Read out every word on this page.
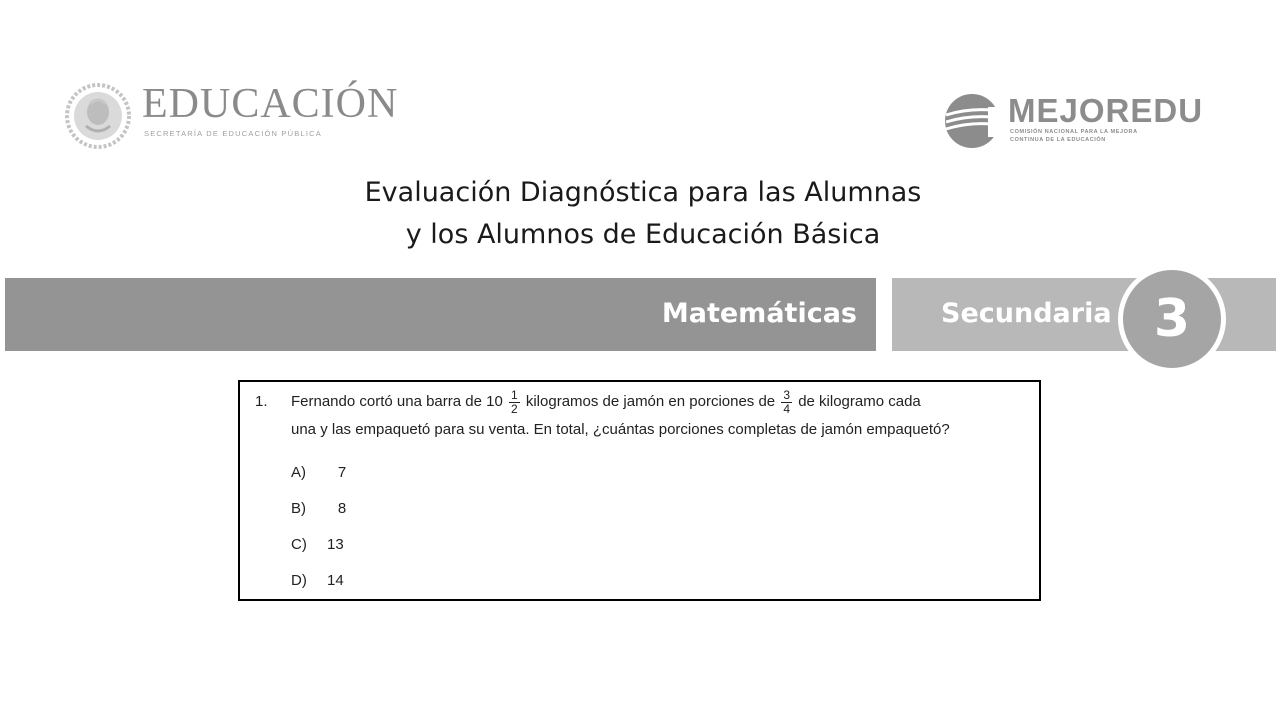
EDUCACIÓN
SECRETARÍA DE EDUCACIÓN PÚBLICA
MEJOREDU
COMISIÓN NACIONAL PARA LA MEJORA
CONTINUA DE LA EDUCACIÓN
Evaluación Diagnóstica para las Alumnas
y los Alumnos de Educación Básica
Matemáticas	Secundaria 3
1. Fernando cortó una barra de $10 \frac{1}{2}$ kilogramos de jamón en porciones de $\frac{3}{4}$ de kilogramo cada
una y las empaquetó para su venta. En total, ¿cuántas porciones completas de jamón empaquetó?
A)	7
B)	8
C)	13
D)	14
